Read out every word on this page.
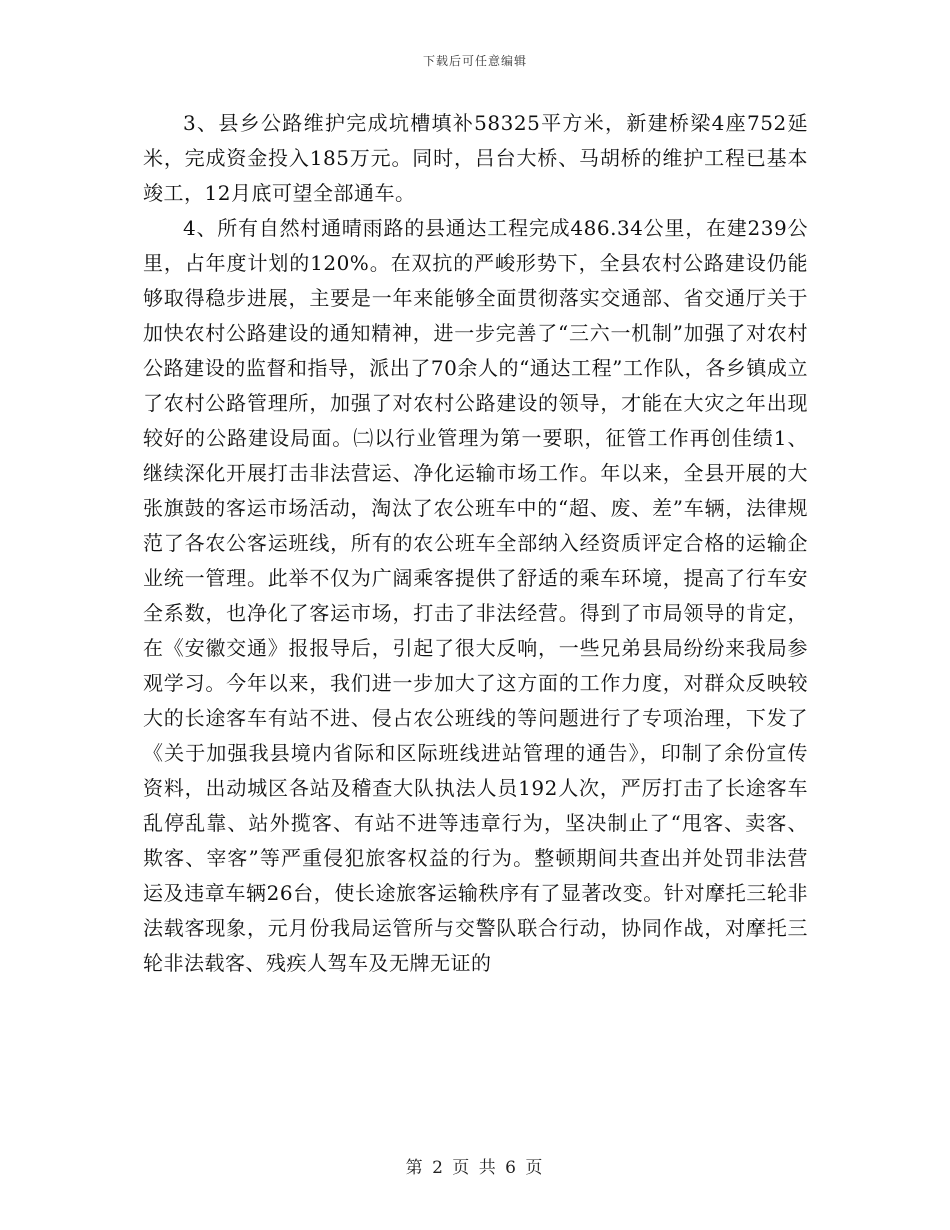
下载后可任意编辑

3、县乡公路维护完成坑槽填补58325平方米，新建桥梁4座752延米，完成资金投入185万元。同时，吕台大桥、马胡桥的维护工程已基本竣工，12月底可望全部通车。

4、所有自然村通晴雨路的县通达工程完成486.34公里，在建239公里，占年度计划的120%。在双抗的严峻形势下，全县农村公路建设仍能够取得稳步进展，主要是一年来能够全面贯彻落实交通部、省交通厅关于加快农村公路建设的通知精神，进一步完善了“三六一机制”加强了对农村公路建设的监督和指导，派出了70余人的“通达工程”工作队，各乡镇成立了农村公路管理所，加强了对农村公路建设的领导，才能在大灾之年出现较好的公路建设局面。㈡以行业管理为第一要职，征管工作再创佳绩1、继续深化开展打击非法营运、净化运输市场工作。年以来，全县开展的大张旗鼓的客运市场活动，淘汰了农公班车中的“超、废、差”车辆，法律规范了各农公客运班线，所有的农公班车全部纳入经资质评定合格的运输企业统一管理。此举不仅为广阔乘客提供了舒适的乘车环境，提高了行车安全系数，也净化了客运市场，打击了非法经营。得到了市局领导的肯定，在《安徽交通》报报导后，引起了很大反响，一些兄弟县局纷纷来我局参观学习。今年以来，我们进一步加大了这方面的工作力度，对群众反映较大的长途客车有站不进、侵占农公班线的等问题进行了专项治理，下发了《关于加强我县境内省际和区际班线进站管理的通告》，印制了余份宣传资料，出动城区各站及稽查大队执法人员192人次，严厉打击了长途客车乱停乱靠、站外揽客、有站不进等违章行为，坚决制止了“甩客、卖客、欺客、宰客”等严重侵犯旅客权益的行为。整顿期间共查出并处罚非法营运及违章车辆26台，使长途旅客运输秩序有了显著改变。针对摩托三轮非法载客现象，元月份我局运管所与交警队联合行动，协同作战，对摩托三轮非法载客、残疾人驾车及无牌无证的

第 2 页 共 6 页
